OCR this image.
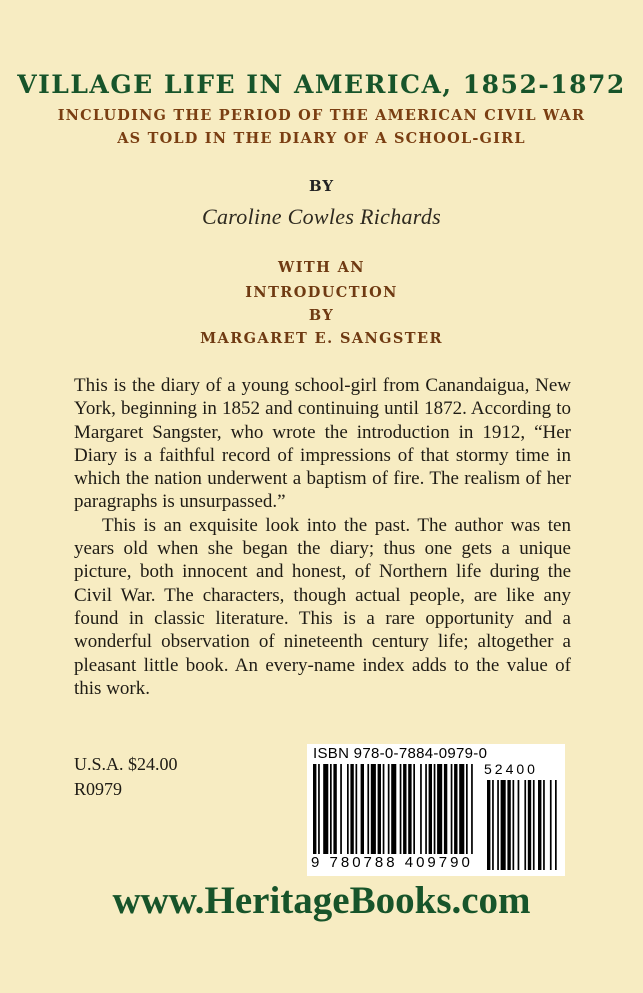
VILLAGE LIFE IN AMERICA, 1852-1872
INCLUDING THE PERIOD OF THE AMERICAN CIVIL WAR
AS TOLD IN THE DIARY OF A SCHOOL-GIRL
BY
Caroline Cowles Richards
WITH AN
INTRODUCTION
BY
MARGARET E. SANGSTER

This is the diary of a young school-girl from Canandaigua, New York, beginning in 1852 and continuing until 1872. According to Margaret Sangster, who wrote the introduction in 1912, “Her Diary is a faithful record of impressions of that stormy time in which the nation underwent a baptism of fire. The realism of her paragraphs is unsurpassed.”

This is an exquisite look into the past. The author was ten years old when she began the diary; thus one gets a unique picture, both innocent and honest, of Northern life during the Civil War. The characters, though actual people, are like any found in classic literature. This is a rare opportunity and a wonderful observation of nineteenth century life; altogether a pleasant little book. An every-name index adds to the value of this work.

U.S.A. $24.00
R0979
ISBN 978-0-7884-0979-0
52400
9 780788 409790
www.HeritageBooks.com
